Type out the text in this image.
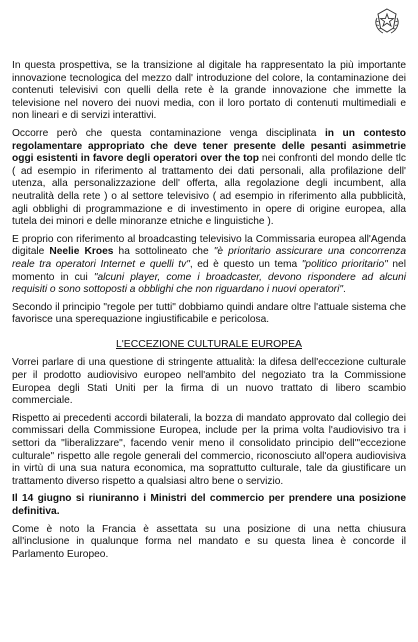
In questa prospettiva, se la transizione al digitale ha rappresentato la più importante innovazione tecnologica del mezzo dall' introduzione del colore, la contaminazione dei contenuti televisivi con quelli della rete è la grande innovazione che immette la televisione nel novero dei nuovi media, con il loro portato di contenuti multimediali e non lineari e di servizi interattivi.

Occorre però che questa contaminazione venga disciplinata in un contesto regolamentare appropriato che deve tener presente delle pesanti asimmetrie oggi esistenti in favore degli operatori over the top nei confronti del mondo delle tlc ( ad esempio in riferimento al trattamento dei dati personali, alla profilazione dell' utenza, alla personalizzazione dell' offerta, alla regolazione degli incumbent, alla neutralità della rete ) o al settore televisivo ( ad esempio in riferimento alla pubblicità, agli obblighi di programmazione e di investimento in opere di origine europea, alla tutela dei minori e delle minoranze etniche e linguistiche ).

E proprio con riferimento al broadcasting televisivo la Commissaria europea all'Agenda digitale Neelie Kroes ha sottolineato che "è prioritario assicurare una concorrenza reale tra operatori Internet e quelli tv", ed è questo un tema "politico prioritario" nel momento in cui "alcuni player, come i broadcaster, devono rispondere ad alcuni requisiti o sono sottoposti a obblighi che non riguardano i nuovi operatori".

Secondo il principio "regole per tutti" dobbiamo quindi andare oltre l'attuale sistema che favorisce una sperequazione ingiustificabile e pericolosa.

L'ECCEZIONE CULTURALE EUROPEA

Vorrei parlare di una questione di stringente attualità: la difesa dell'eccezione culturale per il prodotto audiovisivo europeo nell'ambito del negoziato tra la Commissione Europea degli Stati Uniti per la firma di un nuovo trattato di libero scambio commerciale.

Rispetto ai precedenti accordi bilaterali, la bozza di mandato approvato dal collegio dei commissari della Commissione Europea, include per la prima volta l'audiovisivo tra i settori da "liberalizzare", facendo venir meno il consolidato principio dell'"eccezione culturale" rispetto alle regole generali del commercio, riconosciuto all'opera audiovisiva in virtù di una sua natura economica, ma soprattutto culturale, tale da giustificare un trattamento diverso rispetto a qualsiasi altro bene o servizio.

Il 14 giugno si riuniranno i Ministri del commercio per prendere una posizione definitiva.

Come è noto la Francia è assettata su una posizione di una netta chiusura all'inclusione in qualunque forma nel mandato e su questa linea è concorde il Parlamento Europeo.
